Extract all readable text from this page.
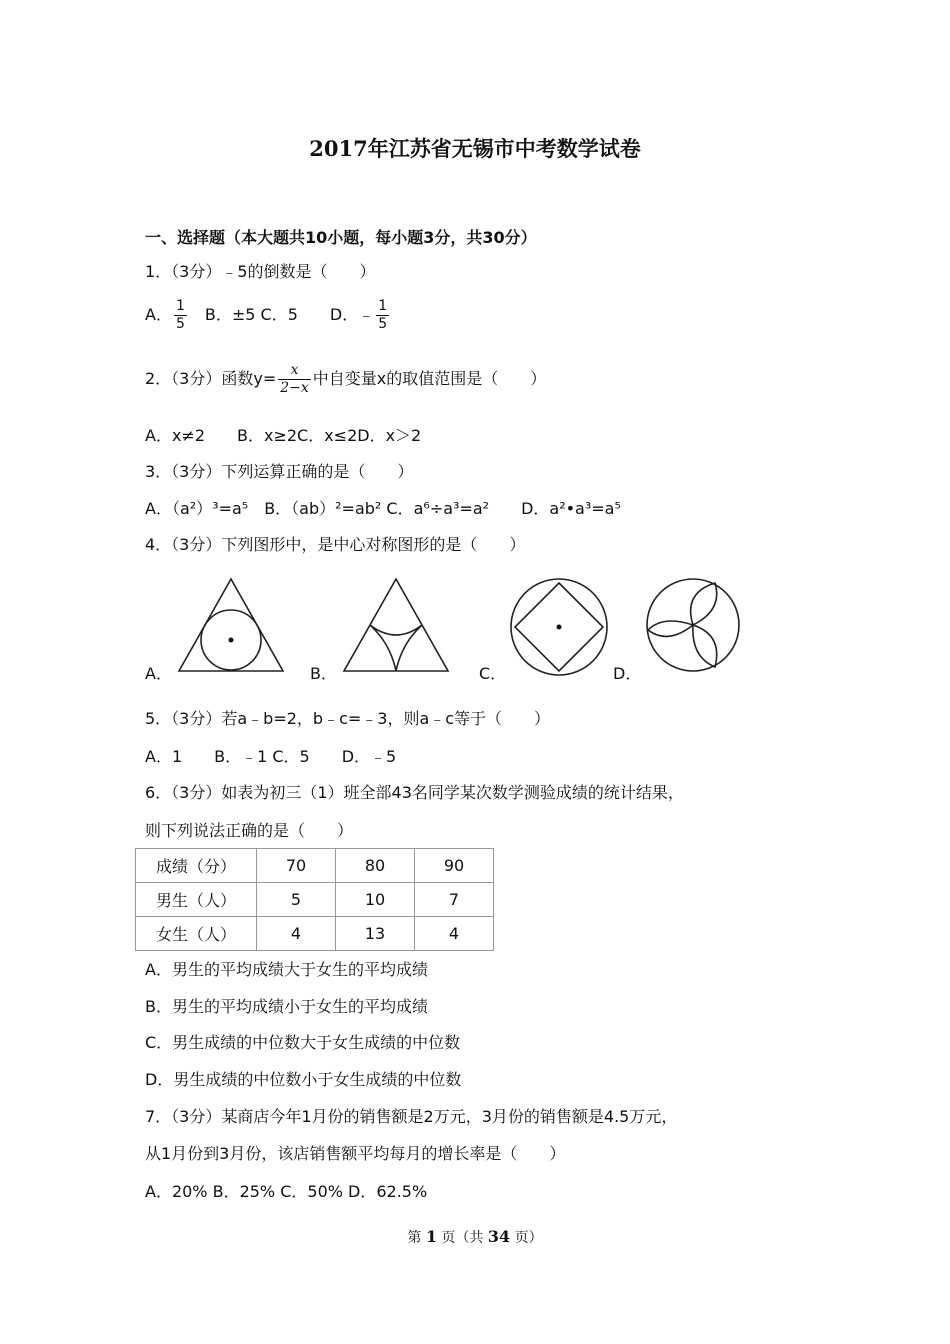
2017年江苏省无锡市中考数学试卷
一、选择题（本大题共10小题，每小题3分，共30分）
1．（3分）﹣5的倒数是（　　）
A． $\frac{1}{5}$ 　B．±5 C．5　　D．﹣ $\frac{1}{5}$
2．（3分）函数$y= \frac{x}{2-x}$ 中自变量x的取值范围是（　　）
A．x≠2　　B．x≥2C．x≤2D．x＞2
3．（3分）下列运算正确的是（　　）
A．（a²）³=a⁵　B．（ab）²=ab² C．a⁶÷a³=a²　　D．a²•a³=a⁵
4．（3分）下列图形中，是中心对称图形的是（　　）
A．	B．	C．	D．
5．（3分）若a﹣b=2，b﹣c=﹣3，则a﹣c等于（　　）
A．1　　B．﹣1 C．5　　D．﹣5
6．（3分）如表为初三（1）班全部43名同学某次数学测验成绩的统计结果，
则下列说法正确的是（　　）
成绩（分）	70	80	90
男生（人）	5	10	7
女生（人）	4	13	4
A．男生的平均成绩大于女生的平均成绩
B．男生的平均成绩小于女生的平均成绩
C．男生成绩的中位数大于女生成绩的中位数
D．男生成绩的中位数小于女生成绩的中位数
7．（3分）某商店今年1月份的销售额是2万元，3月份的销售额是4.5万元，
从1月份到3月份，该店销售额平均每月的增长率是（　　）
A．20% B．25% C．50% D．62.5%
第 1 页（共 34 页）
